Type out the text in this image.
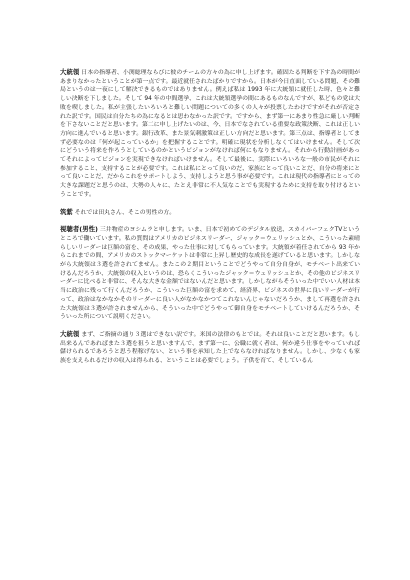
大統領 日本の指導者、小渕総理ならびに彼のチームの方々の為に申し上げます。確固たる判断を下す為の時間があまりなかったということが第一点です。最近就任されたばかりですから。日本が今日直面している問題、その難局というのは一夜にして解決できるものではありません。例えば私は 1993 年に大統領に就任した時、色々と難しい決断を下しました。そして 94 年の中間選挙、これは大統領選挙の間にあるものなんですが、私どもの党は大敗を喫しました。私が主張したいろいろと難しい問題についての多くの人々が投票したわけですがそれが否定された訳です。国民は自分たちの為になるとは思わなかった訳です。ですから、まず第一にあまり性急に厳しい判断を下さないことだと思います。第二に申し上げたいのは、今、日本でなされている重要な政策決断、これは正しい方向に進んでいると思います。銀行改革、また景気刺激策は正しい方向だと思います。第三点は、指導者としてまず必要なのは「何が起こっているか」を把握することです。明確に現状を分析しなくてはいけません。そして次にどういう将来を作ろうとしているのかというビジョンがなければ何にもなりません。それから行動計画があってそれによってビジョンを実現できなければいけません。そして最後に、実際にいろいろな一般の市民がそれに参加すること、支持することが必要です。これは私にとって良いのだ、家族にとって良いことだ、自分の将来にとって良いことだ、だからこれをサポートしよう、支持しようと思う事が必要です。これは現代の指導者にとっての大きな課題だと思うのは、大勢の人々に、たとえ非常に不人気なことでも実現するために支持を取り付けるということです。

筑紫 それでは田丸さん、そこの男性の方。

視聴者(男性) 三井物産のヨシムラと申します。いま、日本で初めてのデジタル放送、スカイパーフェクTVというところで働いています。私の質問はアメリカのビジネスリーダー、ジャック＝ウェリッシュとか、こういった素晴らしいリーダーは巨額の富を、その成果、やった仕事に対してもらっています。大統領が着任されてから 93 年からこれまでの間、アメリカのストックマーケットは非常に上昇し歴史的な成長を遂げていると思います。しかしながら大統領は３選を許されてません。またこの２期目ということでどうやって自分自身が、モチベート出来ていけるんだろうか、大統領の収入というのは、恐らくこういったジャック＝ウェリッシュとか、その他のビジネスリーダーに比べると非常に、そんな大きな金額ではないんだと思います。しかしながらそういった中でいい人材は本当に政治に残って行くんだろうか、こういった巨額の富を求めて、経済界、ビジネスの世界に良いリーダーが行って、政治はなかなかそのリーダーに良い人がなかなかつてこれないんじゃないだろうか、まして再選を許された大統領は３選が許されませんから、そういった中でどうやって御自身をモチベートしていけるんだろうか、そういった所について説明ください。

大統領 まず、ご指摘の通り３選はできない訳です。米国の法律のもとでは。それは良いことだと思います。もし出来るんであればまた３選を狙うと思いますんで、まず第一に、公職に就く者は、何か違う仕事をやっていれば儲けられるであろうと思う程稼げない、という事を承知した上でならなければなりません。しかし、少なくも家族を支えられるだけの収入は得られる、ということは必要でしょう。子供を育て、そしているん
